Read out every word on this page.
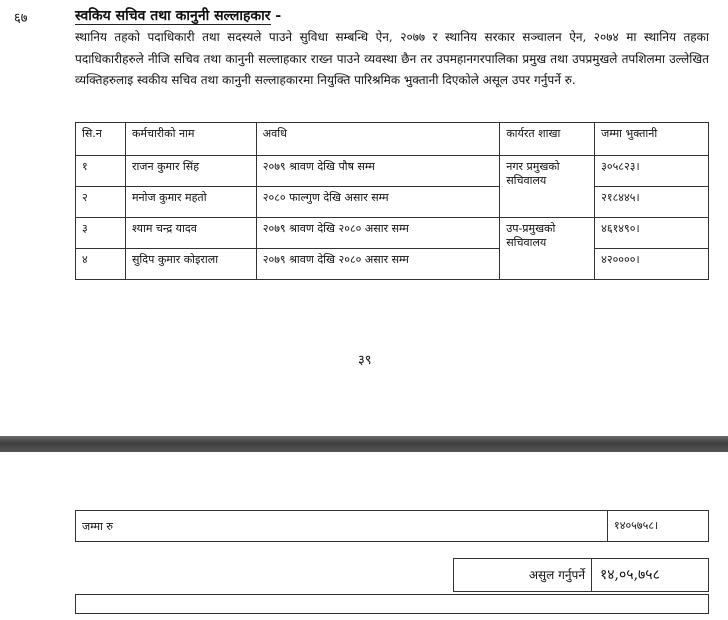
६७	स्वकिय सचिव तथा कानुनी सल्लाहकार -
स्थानिय तहको पदाधिकारी तथा सदस्यले पाउने सुविधा सम्बन्धि ऐन, २०७७ र स्थानिय सरकार सञ्चालन ऐन, २०७४ मा स्थानिय तहका पदाधिकारीहरुले नीजि सचिव तथा कानुनी सल्लाहकार राख्न पाउने व्यवस्था छैन तर उपमहानगरपालिका प्रमुख तथा उपप्रमुखले तपशिलमा उल्लेखित व्यक्तिहरुलाइ स्वकीय सचिव तथा कानुनी सल्लाहकारमा नियुक्ति पारिश्रमिक भुक्तानी दिएकोले असूल उपर गर्नुपर्ने रु.
सि.न	कर्मचारीको नाम	अवधि	कार्यरत शाखा	जम्मा भुक्तानी
१	राजन कुमार सिंह	२०७९ श्रावण देखि पौष सम्म	नगर प्रमुखको सचिवालय	३०५८२३।
२	मनोज कुमार महतो	२०८० फाल्गुण देखि असार सम्म		२१८४४५।
३	श्याम चन्द्र यादव	२०७९ श्रावण देखि २०८० असार सम्म	उप-प्रमुखको सचिवालय	४६१४९०।
४	सुदिप कुमार कोइराला	२०७९ श्रावण देखि २०८० असार सम्म		४२००००।
३९
जम्मा रु	१४०५७५८।
असुल गर्नुपर्ने	१४,०५,७५८
